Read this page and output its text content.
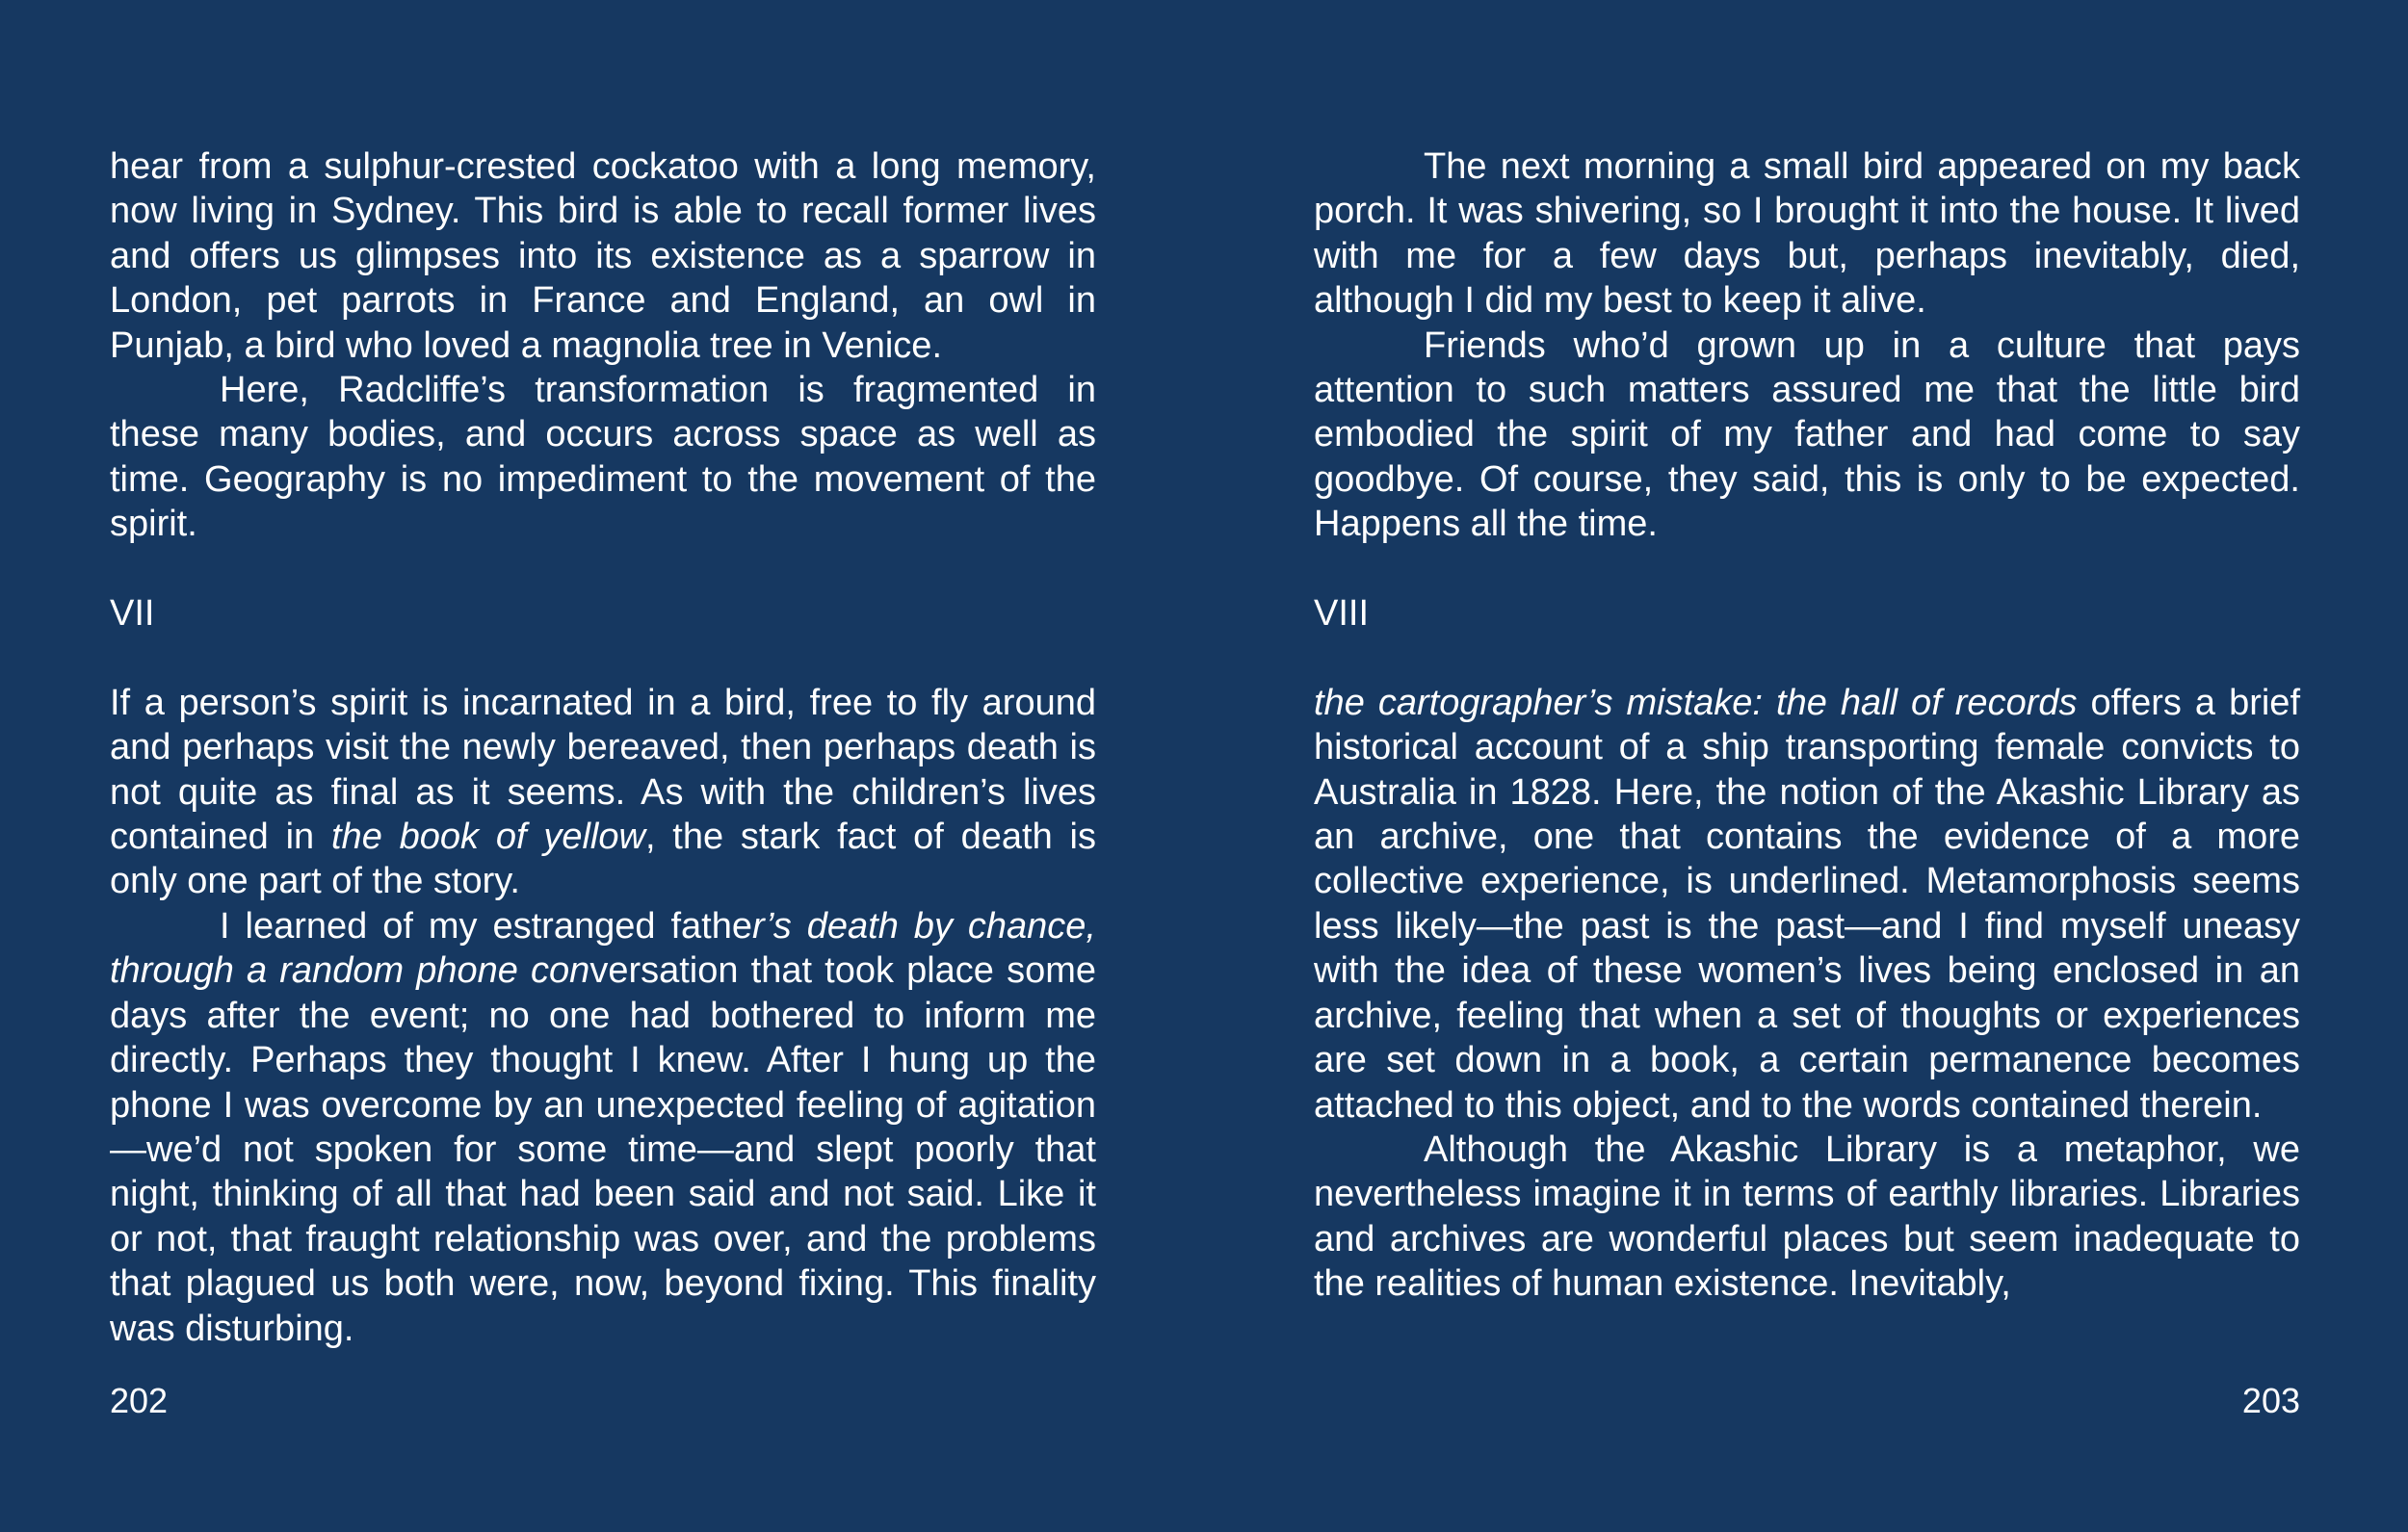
hear from a sulphur-crested cockatoo with a long memory, now living in Sydney. This bird is able to recall former lives and offers us glimpses into its existence as a sparrow in London, pet parrots in France and England, an owl in Punjab, a bird who loved a magnolia tree in Venice.

Here, Radcliffe’s transformation is fragmented in these many bodies, and occurs across space as well as time. Geography is no impediment to the movement of the spirit.

VII

If a person’s spirit is incarnated in a bird, free to fly around and perhaps visit the newly bereaved, then perhaps death is not quite as final as it seems. As with the children’s lives contained in the book of yellow, the stark fact of death is only one part of the story.

I learned of my estranged father’s death by chance, through a random phone conversation that took place some days after the event; no one had bothered to inform me directly. Perhaps they thought I knew. After I hung up the phone I was overcome by an unexpected feeling of agitation—we’d not spoken for some time—and slept poorly that night, thinking of all that had been said and not said. Like it or not, that fraught relationship was over, and the problems that plagued us both were, now, beyond fixing. This finality was disturbing.

202

The next morning a small bird appeared on my back porch. It was shivering, so I brought it into the house. It lived with me for a few days but, perhaps inevitably, died, although I did my best to keep it alive.

Friends who’d grown up in a culture that pays attention to such matters assured me that the little bird embodied the spirit of my father and had come to say goodbye. Of course, they said, this is only to be expected. Happens all the time.

VIII

the cartographer’s mistake: the hall of records offers a brief historical account of a ship transporting female convicts to Australia in 1828. Here, the notion of the Akashic Library as an archive, one that contains the evidence of a more collective experience, is underlined. Metamorphosis seems less likely—the past is the past—and I find myself uneasy with the idea of these women’s lives being enclosed in an archive, feeling that when a set of thoughts or experiences are set down in a book, a certain permanence becomes attached to this object, and to the words contained therein.

Although the Akashic Library is a metaphor, we nevertheless imagine it in terms of earthly libraries. Libraries and archives are wonderful places but seem inadequate to the realities of human existence. Inevitably,

203
